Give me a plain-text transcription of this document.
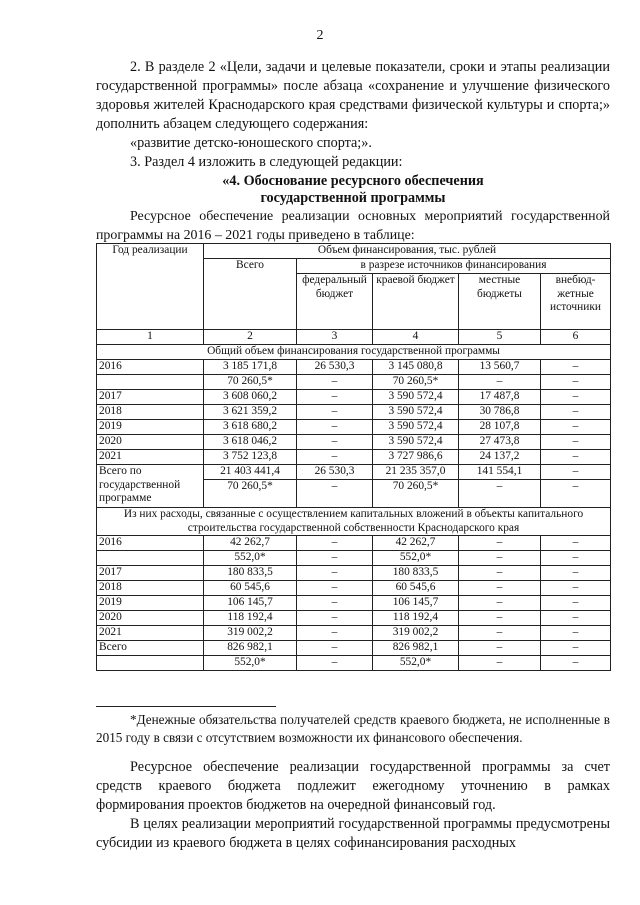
2
2. В разделе 2 «Цели, задачи и целевые показатели, сроки и этапы реализации государственной программы» после абзаца «сохранение и улучшение физического здоровья жителей Краснодарского края средствами физической культуры и спорта;» дополнить абзацем следующего содержания:
«развитие детско-юношеского спорта;».
3. Раздел 4 изложить в следующей редакции:
«4. Обоснование ресурсного обеспечения
государственной программы
Ресурсное обеспечение реализации основных мероприятий государственной программы на 2016 – 2021 годы приведено в таблице:
Год реализации	Объем финансирования, тыс. рублей				
	Всего	в разрезе источников финансирования			
		федеральный бюджет	краевой бюджет	местные бюджеты	внебюджетные источники
1	2	3	4	5	6
Общий объем финансирования государственной программы					
2016	3 185 171,8	26 530,3	3 145 080,8	13 560,7	–
	70 260,5*	–	70 260,5*	–	–
2017	3 608 060,2	–	3 590 572,4	17 487,8	–
2018	3 621 359,2	–	3 590 572,4	30 786,8	–
2019	3 618 680,2	–	3 590 572,4	28 107,8	–
2020	3 618 046,2	–	3 590 572,4	27 473,8	–
2021	3 752 123,8	–	3 727 986,6	24 137,2	–
Всего по государственной программе	21 403 441,4	26 530,3	21 235 357,0	141 554,1	–
	70 260,5*	–	70 260,5*	–	–
Из них расходы, связанные с осуществлением капитальных вложений в объекты капитального строительства государственной собственности Краснодарского края					
2016	42 262,7	–	42 262,7	–	–
	552,0*	–	552,0*	–	–
2017	180 833,5	–	180 833,5	–	–
2018	60 545,6	–	60 545,6	–	–
2019	106 145,7	–	106 145,7	–	–
2020	118 192,4	–	118 192,4	–	–
2021	319 002,2	–	319 002,2	–	–
Всего	826 982,1	–	826 982,1	–	–
	552,0*	–	552,0*	–	–
*Денежные обязательства получателей средств краевого бюджета, не исполненные в 2015 году в связи с отсутствием возможности их финансового обеспечения.
Ресурсное обеспечение реализации государственной программы за счет средств краевого бюджета подлежит ежегодному уточнению в рамках формирования проектов бюджетов на очередной финансовый год.
В целях реализации мероприятий государственной программы предусмотрены субсидии из краевого бюджета в целях софинансирования расходных
